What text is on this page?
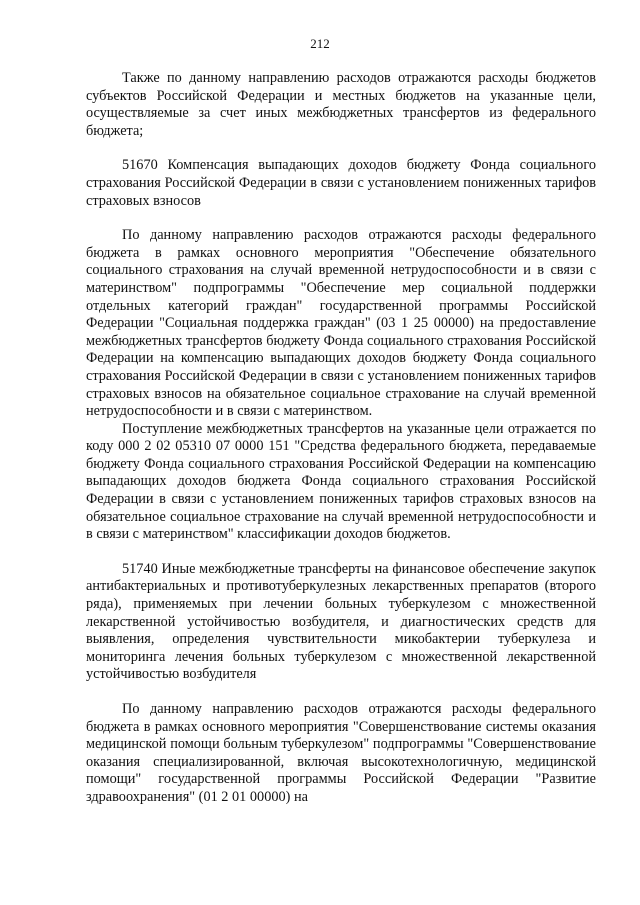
212

Также по данному направлению расходов отражаются расходы бюджетов субъектов Российской Федерации и местных бюджетов на указанные цели, осуществляемые за счет иных межбюджетных трансфертов из федерального бюджета;

51670 Компенсация выпадающих доходов бюджету Фонда социального страхования Российской Федерации в связи с установлением пониженных тарифов страховых взносов

По данному направлению расходов отражаются расходы федерального бюджета в рамках основного мероприятия "Обеспечение обязательного социального страхования на случай временной нетрудоспособности и в связи с материнством" подпрограммы "Обеспечение мер социальной поддержки отдельных категорий граждан" государственной программы Российской Федерации "Социальная поддержка граждан" (03 1 25 00000) на предоставление межбюджетных трансфертов бюджету Фонда социального страхования Российской Федерации на компенсацию выпадающих доходов бюджету Фонда социального страхования Российской Федерации в связи с установлением пониженных тарифов страховых взносов на обязательное социальное страхование на случай временной нетрудоспособности и в связи с материнством.

Поступление межбюджетных трансфертов на указанные цели отражается по коду 000 2 02 05310 07 0000 151 "Средства федерального бюджета, передаваемые бюджету Фонда социального страхования Российской Федерации на компенсацию выпадающих доходов бюджета Фонда социального страхования Российской Федерации в связи с установлением пониженных тарифов страховых взносов на обязательное социальное страхование на случай временной нетрудоспособности и в связи с материнством" классификации доходов бюджетов.

51740 Иные межбюджетные трансферты на финансовое обеспечение закупок антибактериальных и противотуберкулезных лекарственных препаратов (второго ряда), применяемых при лечении больных туберкулезом с множественной лекарственной устойчивостью возбудителя, и диагностических средств для выявления, определения чувствительности микобактерии туберкулеза и мониторинга лечения больных туберкулезом с множественной лекарственной устойчивостью возбудителя

По данному направлению расходов отражаются расходы федерального бюджета в рамках основного мероприятия "Совершенствование системы оказания медицинской помощи больным туберкулезом" подпрограммы "Совершенствование оказания специализированной, включая высокотехнологичную, медицинской помощи" государственной программы Российской Федерации "Развитие здравоохранения" (01 2 01 00000) на
